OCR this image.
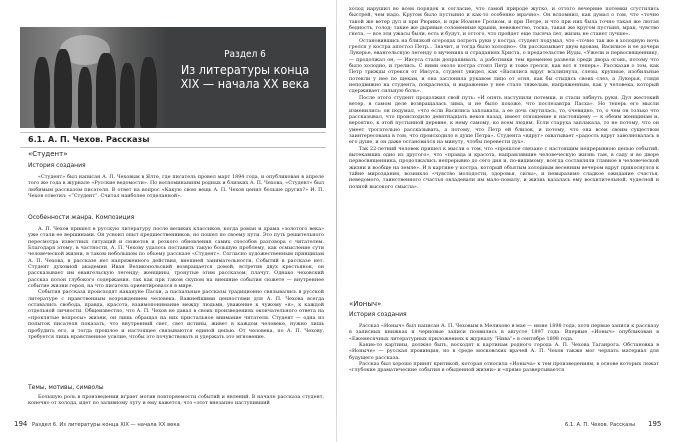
Раздел 6
Из литературы конца XIX — начала XX века
6.1. А. П. Чехов. Рассказы
«Студент»
История создания

«Студент» был написан А. П. Чеховым в Ялте, где писатель провел март 1894 года, и опубликован в апреле того же года в журнале «Русские ведомости». По воспоминаниям родных и близких А. П. Чехова, «Студент» был любимым рассказом писателя. В ответ на вопрос «Какую свою вещь А. П. Чехов ценил больше других?» И. П. Чехов ответил: «“Студент”. Считал наиболее отделанной».

Особенности жанра. Композиция

А. П. Чехов пришел в русскую литературу после великих классиков, когда роман и драма «золотого века» уже стали ее вершинами. Он усвоил опыт предшественников, но пошел по своему пути. Это путь решительного пересмотра известных ситуаций и сюжетов и резкого обновления самих способов разговора с читателем. Благодаря этому, в частности, А. П. Чехову удалось поставить такую большую проблему, как осмысление сути человеческой жизни, в таком небольшом по объему рассказе «Студент». Согласно художественным принципам А. П. Чехова, в рассказе нет напряженного действия, внешней занимательности. Событий в рассказе нет. Студент духовной академии Иван Великопольский возвращается домой; встретив двух крестьянок, он рассказывает им евангельскую легенду; женщины, тронутые этим рассказом, плачут. Однако чеховский рассказ полон глубокого содержания, так как при таком скупом на внешние события сюжете — внутреннее событие жизни героя, на что писатель ориентировался в мире.

События рассказа происходят накануне Пасхи, а пасхальные рассказы традиционно связывались в русской литературе с нравственным возрождением человека. Важнейшими ценностями для А. П. Чехова всегда оставались свобода, правда, красота, взаимопонимание между людьми, уважение к чужому «я», к каждой отдельной личности. Общеизвестно, что А. П. Чехов не давал в своих произведениях окончательного ответа на «проклятые вопросы» жизни, он лишь обращал на них пристальное внимание читателя. Студент — одна из попыток писателя показать, что внутренний свет, свет истины, живет в каждом человеке, нужно лишь пробудить его, и тогда прошлое и настоящее связываются единой цепью. От человека, по А. П. Чехову, требуется лишь нравственное усилие, чтобы это почувствовать и удержать это мгновение.

Темы, мотивы, символы

Большую роль в произведении играет мотив повторяемости событий и явлений. В начале рассказа студент, конечно от холода, идет по заливному лугу и ему кажется, что «этот внезапно наступивший

194 Раздел 6. Из литературы конца XIX — начала XX века

холод нарушил во всем порядок и согласие, что самой природе жутко, и оттого вечерние потемки сгустились быстрей, чем надо. Кругом было пустынно и как-то особенно мрачно». Он вспомнил, как думал о том, что «точно такой же ветер дул и при Рюрике, и при Иоанне Грозном, и при Петре, и что при них была точно такая же лютая бедность, голод; такие же дырявые соломенные крыши, невежество, тоска, такая же кругом пустыня, мрак, чувство гнета, — все эти ужасы были, есть и будут, и оттого, что пройдет еще тысяча лет, жизнь не станет лучше».

Остановившись на близкой огородах погреть руки у костра, студент подумал, что «точно так же в холодную ночь грелся у костра апостол Петр... Значит, и тогда было холодно». Он рассказывает двум вдовам, Василисе и ее дочери Лукерье, евангельскую легенду о мучениях и страданиях Христа, о предательстве Иуды, «Ужели и первосвященнику, — продолжал он, — Иисуса стали допрашивать, а работники тем временем развели среди двора огонь, потому что было холодно, и грелись. С ними около костра стоял Петр и тоже грелся, как вот я теперь». Рассказав о том, как Петр трижды отрекся от Иисуса, студент увидел, как «Василиса вдруг всхлипнула, слезы, крупные, изобильные потекли у нее по щекам, и она заслонила рукавом лицо от огня, как бы стыдясь своих слез, а Лукерья, глядя неподвижно на студента, покраснела, и выражение у нее стало тяжелым, напряженным, как у человека, который сдерживает сильную боль».

После этого студент продолжил свой путь: «И опять наступили потемки, и стали зябнуть руки. Дул жестокий ветер, в самом деле возвращалась зима, и не было похоже, что послезавтра Пасха». Но теперь его мысли изменились: он подумал, «что если Василиса заплакала, а ее дочь смутилась, то, очевидно, то, о чем он только что рассказывал, что происходило девятнадцать веков назад, имеет отношение к настоящему — к обеим женщинам и, вероятно, к этой пустынной деревне, к нему самому, ко всем людям. Если старуха заплакала, то не потому, что он умеет трогательно рассказывать, а потому, что Петр ей близок, и потому, что она всем своим существом заинтересована в том, что происходило в душе Петра». Студента «вдруг» охватывает «радость вдруг заволновалась в его душе, и он даже остановился на минуту, чтобы перевести дух».

Так 22-летний человек пришел к мысли о том, что «прошлое связано с настоящим непрерывною цепью событий, вытекавших одно из другого», что «правда и красота, направлявшие человеческую жизнь там, в саду и во дворе первосвященника, продолжались непрерывно до сего дня и, по-видимому, всегда составляли главное в человеческой жизни и вообще на земле». И в картине у костра, который объятым холодным весенним вечером вдруг прикоснулся к тайне мироздания, возникло «чувство молодости, здоровья, силы», и невыразимо сладкое ожидание счастья, неведомого, таинственного счастья овладевали им мало-помалу, и жизнь казалась ему восхитительной, чудесной и полной высокого смысла».

«Ионыч»
История создания

Рассказ «Ионыч» был написан А. П. Чеховым в Мелихово в мае — июне 1898 года, хотя первые записи к рассказу в записных книжках и черновые записи появились в августе 1897 года. Впервые «Ионыч» опубликован в «Ежемесячных литературных приложениях к журналу “Нива”» в сентябре 1898 года.

Какие-то картины, должно быть, восходят к картинам родного города А. П. Чехова Таганрога. Обстановка в «Ионыче» — русская провинция, но в среде московских врачей А. П. Чехов также мог черпать материал для будущего рассказа.

Рассказ был хорошо принят критикой, которая относила «Ионыча» к тем произведениям, в основе которых лежат «глубокие драматические события в обыденной жизни» и «прямо развертывается

6.1. А. П. Чехов. Рассказы 195
